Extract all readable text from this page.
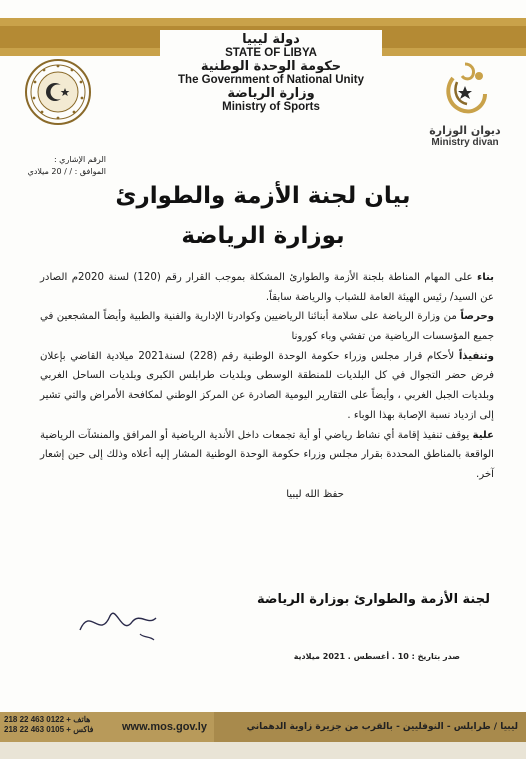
دولة ليبيا
STATE OF LIBYA
حكومة الوحدة الوطنية
The Government of National Unity
وزارة الرياضة
Ministry of Sports
ديوان الوزارة
Ministry divan
الرقم الإشاري :
الموافق : / / 20 ميلادي
بيان لجنة الأزمة والطوارئ
بوزارة الرياضة

بناء على المهام المناطة بلجنة الأزمة والطوارئ المشكلة بموجب القرار رقم (120) لسنة 2020م الصادر عن السيد/ رئيس الهيئة العامة للشباب والرياضة سابقاً.

وحرصاً من وزارة الرياضة على سلامة أبنائنا الرياضيين وكوادرنا الإدارية والفنية والطبية وأيضاً المشجعين في جميع المؤسسات الرياضية من تفشي وباء كورونا

وتنفيذاً لأحكام قرار مجلس وزراء حكومة الوحدة الوطنية رقم (228) لسنة2021 ميلادية القاضي بإعلان فرض حضر التجوال في كل البلديات للمنطقة الوسطى وبلديات طرابلس الكبرى وبلديات الساحل الغربي وبلديات الجبل الغربي ، وأيضاً على التقارير اليومية الصادرة عن المركز الوطني لمكافحة الأمراض والتي تشير إلى ازدياد نسبة الإصابة بهذا الوباء .

علية يوقف تنفيذ إقامة أي نشاط رياضي أو أية تجمعات داخل الأندية الرياضية أو المرافق والمنشآت الرياضية الواقعة بالمناطق المحددة بقرار مجلس وزراء حكومة الوحدة الوطنية المشار إليه أعلاه وذلك إلى حين إشعار آخر.

حفظ الله ليبيا

لجنة الأزمة والطوارئ بوزارة الرياضة
صدر بتاريخ : 10 . أغسطس . 2021 ميلادية
ليبيا / طرابلس - النوفليين - بالقرب من جزيرة زاوية الدهماني
www.mos.gov.ly
218 22 463 0122 + هاتف
218 22 463 0105 + فاكس
